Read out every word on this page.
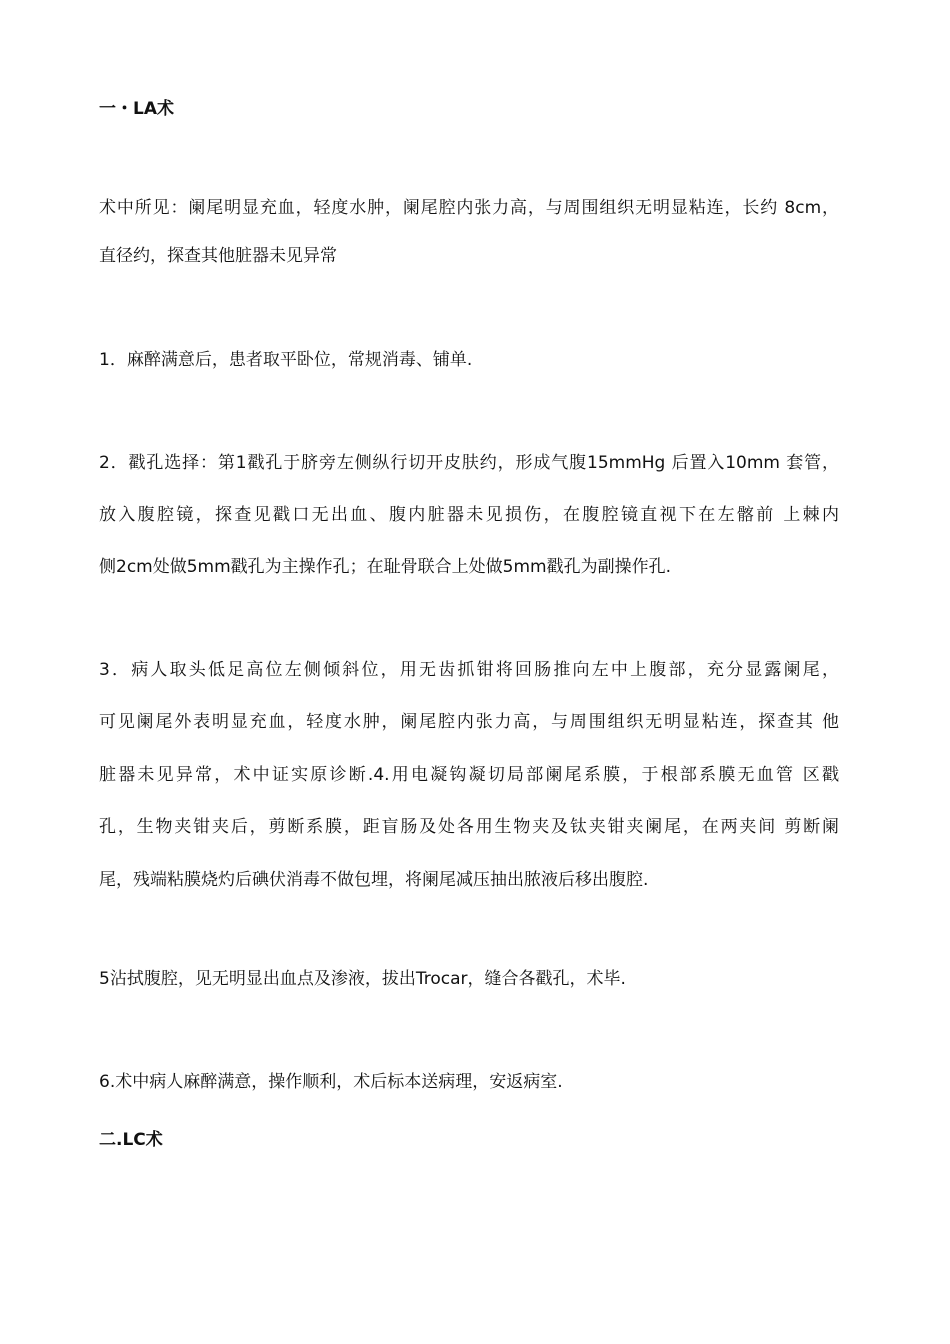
一・LA术
术中所见：阑尾明显充血，轻度水肿，阑尾腔内张力高，与周围组织无明显粘连，长约 8cm，
直径约，探查其他脏器未见异常
1．麻醉满意后，患者取平卧位，常规消毒、铺单.
2．戳孔选择：第1戳孔于脐旁左侧纵行切开皮肤约，形成气腹15mmHg 后置入10mm 套管，
放入腹腔镜，探查见戳口无出血、腹内脏器未见损伤，在腹腔镜直视下在左髂前 上棘内
侧2cm处做5mm戳孔为主操作孔；在耻骨联合上处做5mm戳孔为副操作孔.
3．病人取头低足高位左侧倾斜位，用无齿抓钳将回肠推向左中上腹部，充分显露阑尾，
可见阑尾外表明显充血，轻度水肿，阑尾腔内张力高，与周围组织无明显粘连，探查其 他
脏器未见异常，术中证实原诊断.4.用电凝钩凝切局部阑尾系膜，于根部系膜无血管 区戳
孔，生物夹钳夹后，剪断系膜，距盲肠及处各用生物夹及钛夹钳夹阑尾，在两夹间 剪断阑
尾，残端粘膜烧灼后碘伏消毒不做包埋，将阑尾减压抽出脓液后移出腹腔.
5沾拭腹腔，见无明显出血点及渗液，拔出Trocar，缝合各戳孔，术毕.
6.术中病人麻醉满意，操作顺利，术后标本送病理，安返病室.
二.LC术
